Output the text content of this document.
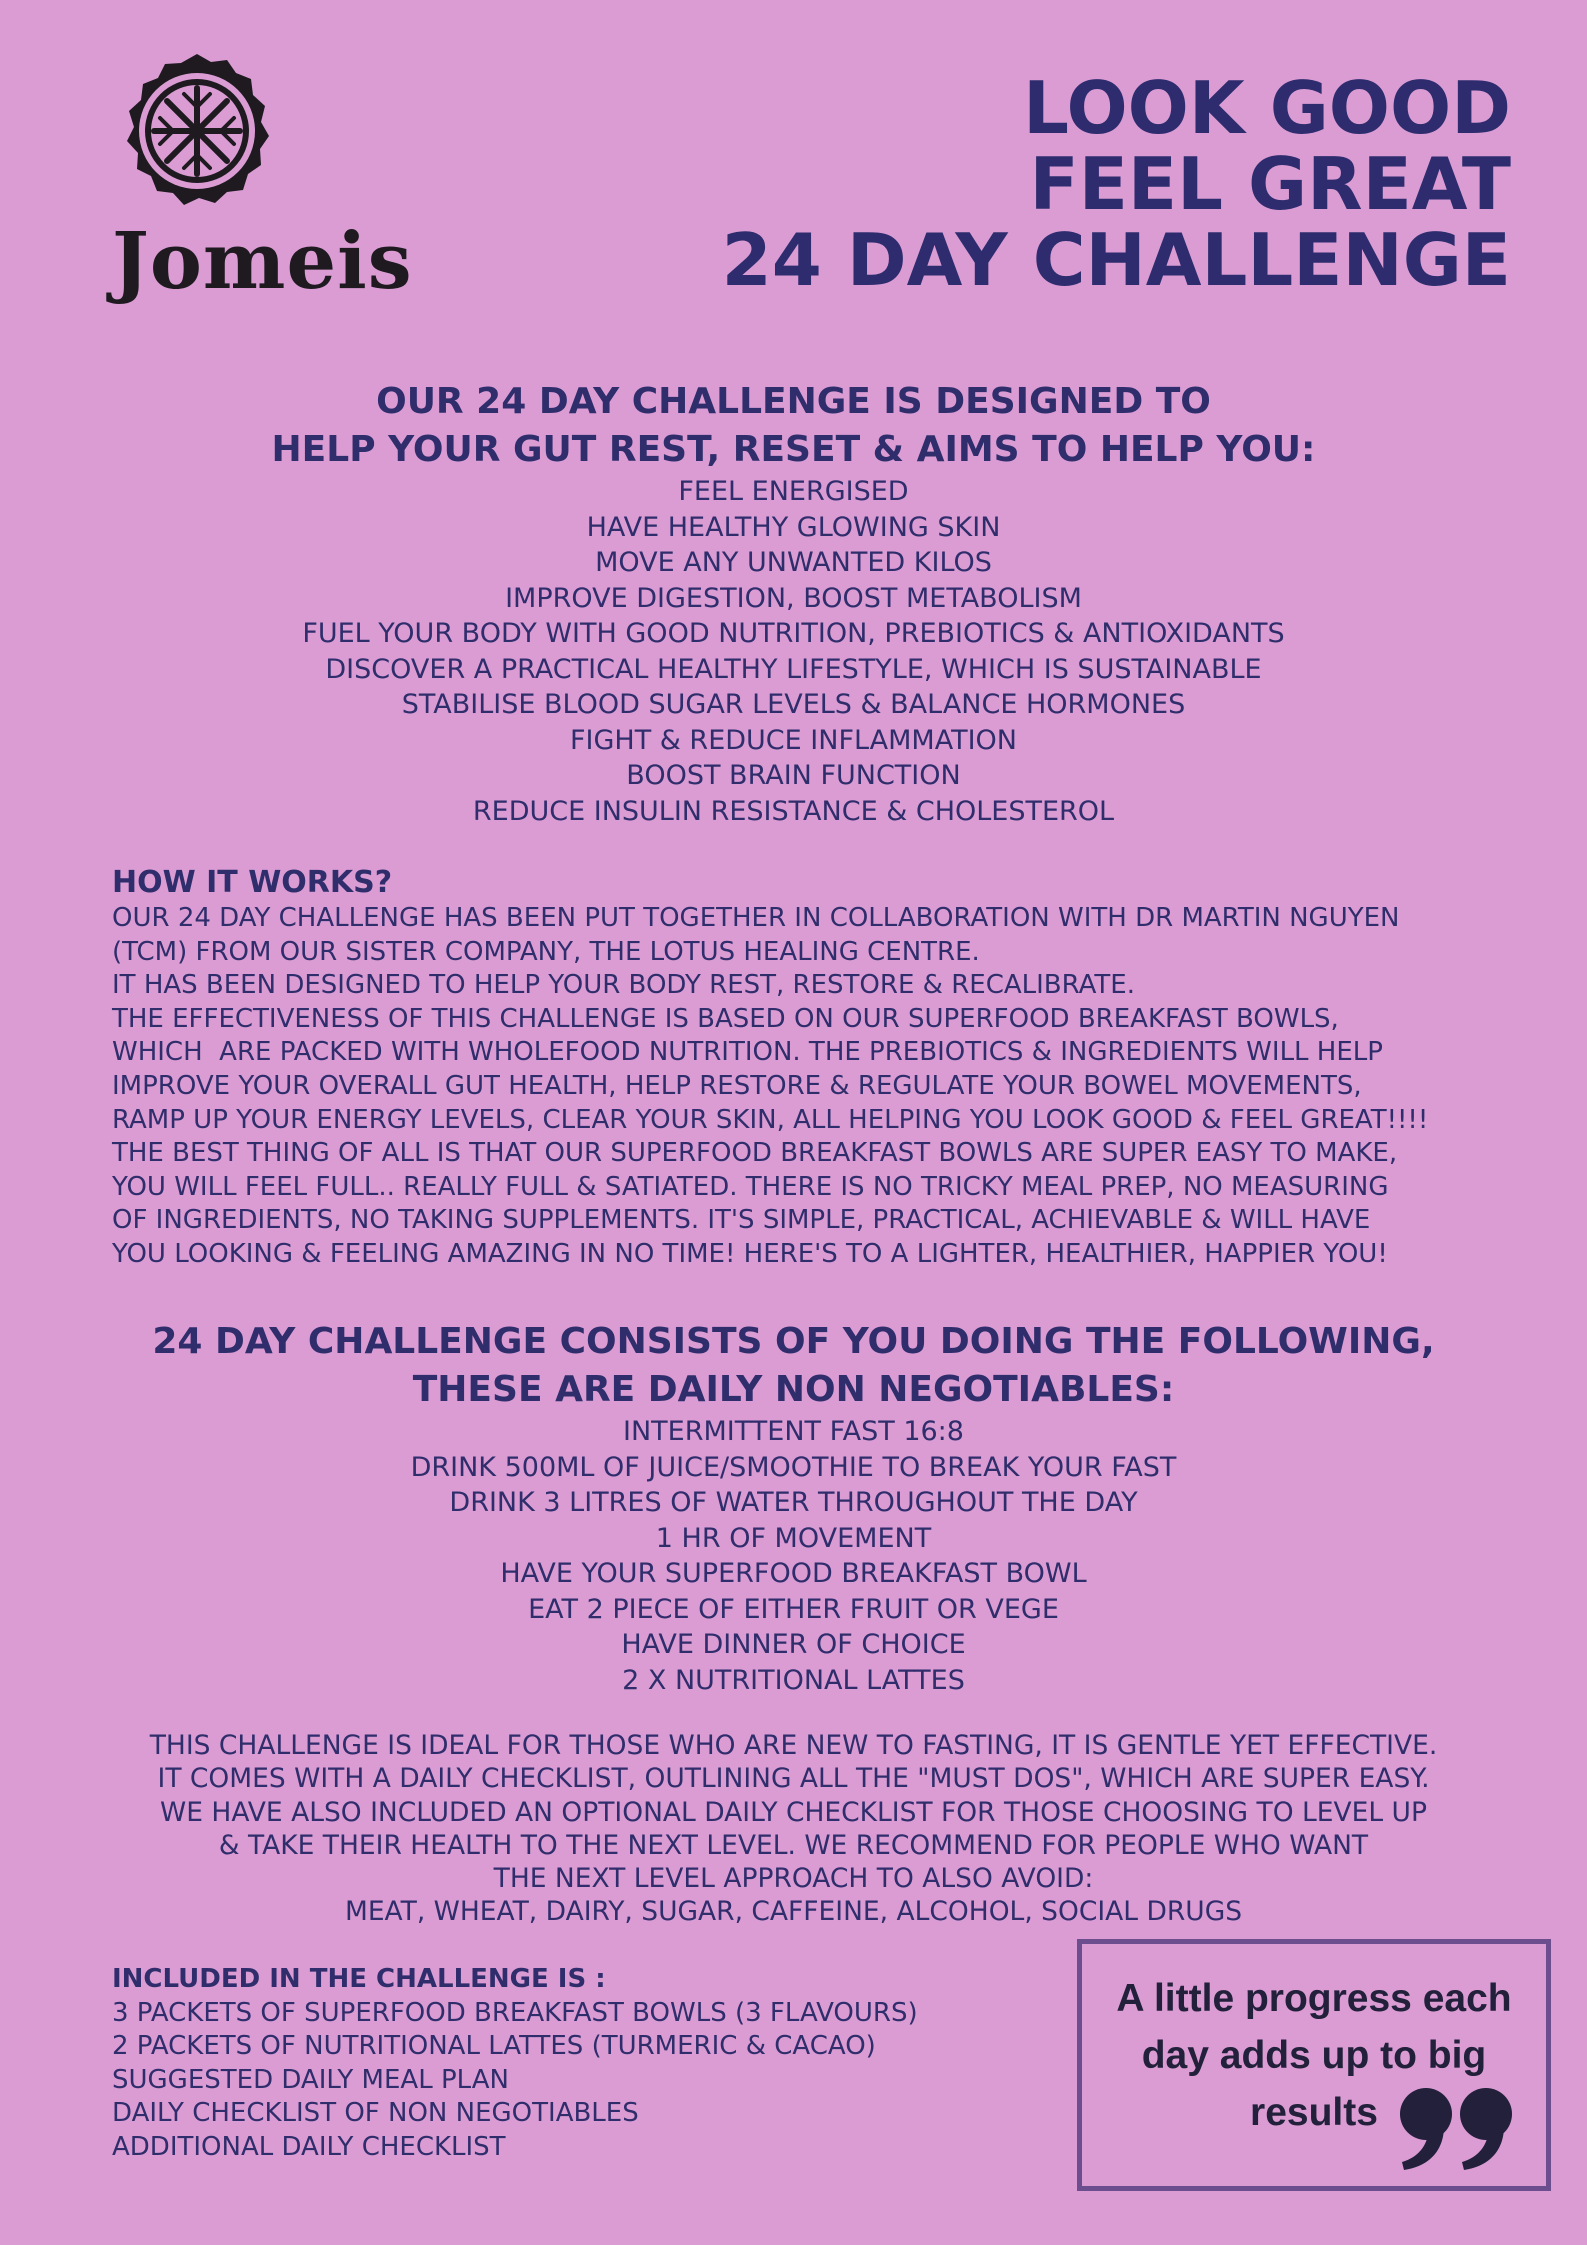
Jomeis
LOOK GOOD
FEEL GREAT
24 DAY CHALLENGE
OUR 24 DAY CHALLENGE IS DESIGNED TO
HELP YOUR GUT REST, RESET & AIMS TO HELP YOU:
FEEL ENERGISED
HAVE HEALTHY GLOWING SKIN
MOVE ANY UNWANTED KILOS
IMPROVE DIGESTION, BOOST METABOLISM
FUEL YOUR BODY WITH GOOD NUTRITION, PREBIOTICS & ANTIOXIDANTS
DISCOVER A PRACTICAL HEALTHY LIFESTYLE, WHICH IS SUSTAINABLE
STABILISE BLOOD SUGAR LEVELS & BALANCE HORMONES
FIGHT & REDUCE INFLAMMATION
BOOST BRAIN FUNCTION
REDUCE INSULIN RESISTANCE & CHOLESTEROL
HOW IT WORKS?

OUR 24 DAY CHALLENGE HAS BEEN PUT TOGETHER IN COLLABORATION WITH DR MARTIN NGUYEN

(TCM) FROM OUR SISTER COMPANY, THE LOTUS HEALING CENTRE.

IT HAS BEEN DESIGNED TO HELP YOUR BODY REST, RESTORE & RECALIBRATE.

THE EFFECTIVENESS OF THIS CHALLENGE IS BASED ON OUR SUPERFOOD BREAKFAST BOWLS,

WHICH  ARE PACKED WITH WHOLEFOOD NUTRITION. THE PREBIOTICS & INGREDIENTS WILL HELP

IMPROVE YOUR OVERALL GUT HEALTH, HELP RESTORE & REGULATE YOUR BOWEL MOVEMENTS,

RAMP UP YOUR ENERGY LEVELS, CLEAR YOUR SKIN, ALL HELPING YOU LOOK GOOD & FEEL GREAT!!!!

THE BEST THING OF ALL IS THAT OUR SUPERFOOD BREAKFAST BOWLS ARE SUPER EASY TO MAKE,

YOU WILL FEEL FULL.. REALLY FULL & SATIATED. THERE IS NO TRICKY MEAL PREP, NO MEASURING

OF INGREDIENTS, NO TAKING SUPPLEMENTS. IT'S SIMPLE, PRACTICAL, ACHIEVABLE & WILL HAVE

YOU LOOKING & FEELING AMAZING IN NO TIME! HERE'S TO A LIGHTER, HEALTHIER, HAPPIER YOU!

24 DAY CHALLENGE CONSISTS OF YOU DOING THE FOLLOWING,
THESE ARE DAILY NON NEGOTIABLES:
INTERMITTENT FAST 16:8
DRINK 500ML OF JUICE/SMOOTHIE TO BREAK YOUR FAST
DRINK 3 LITRES OF WATER THROUGHOUT THE DAY
1 HR OF MOVEMENT
HAVE YOUR SUPERFOOD BREAKFAST BOWL
EAT 2 PIECE OF EITHER FRUIT OR VEGE
HAVE DINNER OF CHOICE
2 X NUTRITIONAL LATTES
THIS CHALLENGE IS IDEAL FOR THOSE WHO ARE NEW TO FASTING, IT IS GENTLE YET EFFECTIVE.
IT COMES WITH A DAILY CHECKLIST, OUTLINING ALL THE "MUST DOS", WHICH ARE SUPER EASY.
WE HAVE ALSO INCLUDED AN OPTIONAL DAILY CHECKLIST FOR THOSE CHOOSING TO LEVEL UP
& TAKE THEIR HEALTH TO THE NEXT LEVEL. WE RECOMMEND FOR PEOPLE WHO WANT
THE NEXT LEVEL APPROACH TO ALSO AVOID:
MEAT, WHEAT, DAIRY, SUGAR, CAFFEINE, ALCOHOL, SOCIAL DRUGS
INCLUDED IN THE CHALLENGE IS :
3 PACKETS OF SUPERFOOD BREAKFAST BOWLS (3 FLAVOURS)
2 PACKETS OF NUTRITIONAL LATTES (TURMERIC & CACAO)
SUGGESTED DAILY MEAL PLAN
DAILY CHECKLIST OF NON NEGOTIABLES
ADDITIONAL DAILY CHECKLIST
A little progress each
day adds up to big
results
